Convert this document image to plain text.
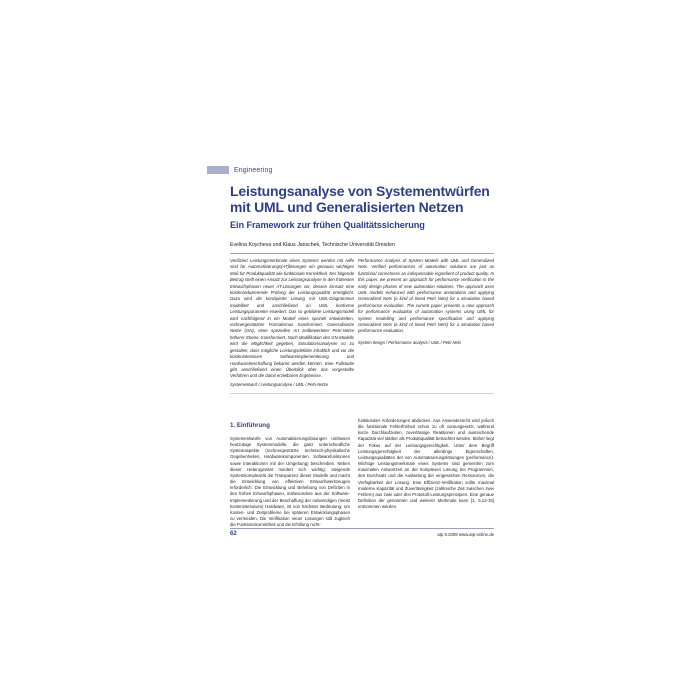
Engineering
Leistungsanalyse von Systementwürfen
mit UML und Generalisierten Netzen
Ein Framework zur frühen Qualitätssicherung
Evelina Koycheva und Klaus Janschek, Technische Universität Dresden
Verifiziert Leistungsmerkmale eines Systems werden mit Hilfe sind für Automatisierungs(AT)lösungen ein genauso wichtiges Maß für Produktqualität wie funktionale Korrektheit. Der folgende Beitrag stellt einen Ansatz zur Leistungsanalyse in den frühesten Entwurfsphasen neuer AT-Lösungen vor, dessen Einsatz eine kostenreduzierende Prüfung der Leistungsqualität ermöglicht. Dazu wird die konzipierte Lösung mit UML-Diagrammen modelliert und anschließend an UML konforme Leistungsparameter erweitert. Das so gebildete Leistungsmodell wird nachfolgend in ein Modell eines speziell entwickelten, rechnergestützten Formalismus transformiert. Generalisierte Netze (GN), einer speziellen Art zeitbewerteter Petri-Netze höherer Ebene, transformiert. Nach Modifikation des GN-Modells wird die Möglichkeit gegeben, Simulationsanalysen so zu gestalten, dass mögliche Leistungsdefizite inhaltlich und vor die kostenintensiven Softwareimplementierung und Hardwarebeschaffung bekannt werden können. Eine Fallstudie gibt anschließend einen Überblick über das vorgestellte Verfahren und die damit erzielbaren Ergebnisse.
Performance Analysis of System Models with UML and Generalized Nets. Verified performances of automation solutions are just as functional correctness an indispensable ingredient of product quality. In this paper, we present an approach for performance verification in the early design phases of new automation solutions. The approach uses UML models enhanced with performance annotations and applying Generalized Nets (a kind of timed Petri Nets) for a simulation based performance evaluation. The current paper presents a new approach for performance evaluation of automation systems using UML for system modelling and performance specification and applying Generalized Nets (a kind of timed Petri Nets) for a simulation based performance evaluation.
Systementwurf / Leistungsanalyse / UML / Petri-Netze
System design / Performance analysis / UML / Petri Nets
1. Einführung
Systementwürfe von Automatisierungslösungen umfassen heutzutage Systemmodelle, die ganz unterschiedliche Systemaspekte (rechnergestützte technisch-physikalische Gegebenheiten, Hardwarekomponenten, Softwarefunktionen sowie Interaktionen mit der Umgebung) beschreiben. Neben dieser Heterogenität mindert sich wichtig: steigende Systemkomplexität die Transparenz dieser Modelle und macht die Entwicklung von effektiven Entwurfswerkzeugen erforderlich. Die Entwicklung und Behebung von Defiziten in den frühen Entwurfsphasen, insbesondere aus der Software-Implementierung und der Beschaffung der notwendigen (meist kostenintensiven) Hardware, ist von höchster Bedeutung, um Kosten- und Zeitprobleme bei späteren Entwicklungsphasen zu vermeiden. Die Verifikation neuer Lösungen soll zugleich die Funktionskorrektheit und die Erfüllung nicht-
funktionaler Anforderungen abdecken. Aus Anwendersicht wird jedoch die funktionale Fehlerfreiheit schon zu oft vorausgesetzt, während kurze Durchlaufzeiten, zuverlässige Reaktionen und ausreichende Kapazität viel stärker als Produktqualität betrachtet werden. Bisher liegt der Fokus auf der Leistungsgerechtigkeit. Unter dem Begriff Leistungsgerechtigkeit der allerdings Eigenschaften, Leistungsqualitäten der von Automatisierungslösungen (performance). Wichtige Leistungsmerkmale eines Systems sind gemeinhin zum maximalen Antwortzeit an der komplexen Lösung bei Programmen, den Durchsatz und die Auslastung der eingesetzten Ressourcen, die Verfügbarkeit der Lösung. Eine Effizienz-Verifikation sollte maximal moderne Kapazität und Zuverlässigkeit (zahlreiche Zeit zwischen zwei Fehlern) aus zwei oder drei Protokoll-Leistungsprinzipien. Eine genaue Definition der genannten und weiterer Merkmale kann [1, 5,12-15] entnommen werden.
62	atp 8.2009 www.atp-online.de
